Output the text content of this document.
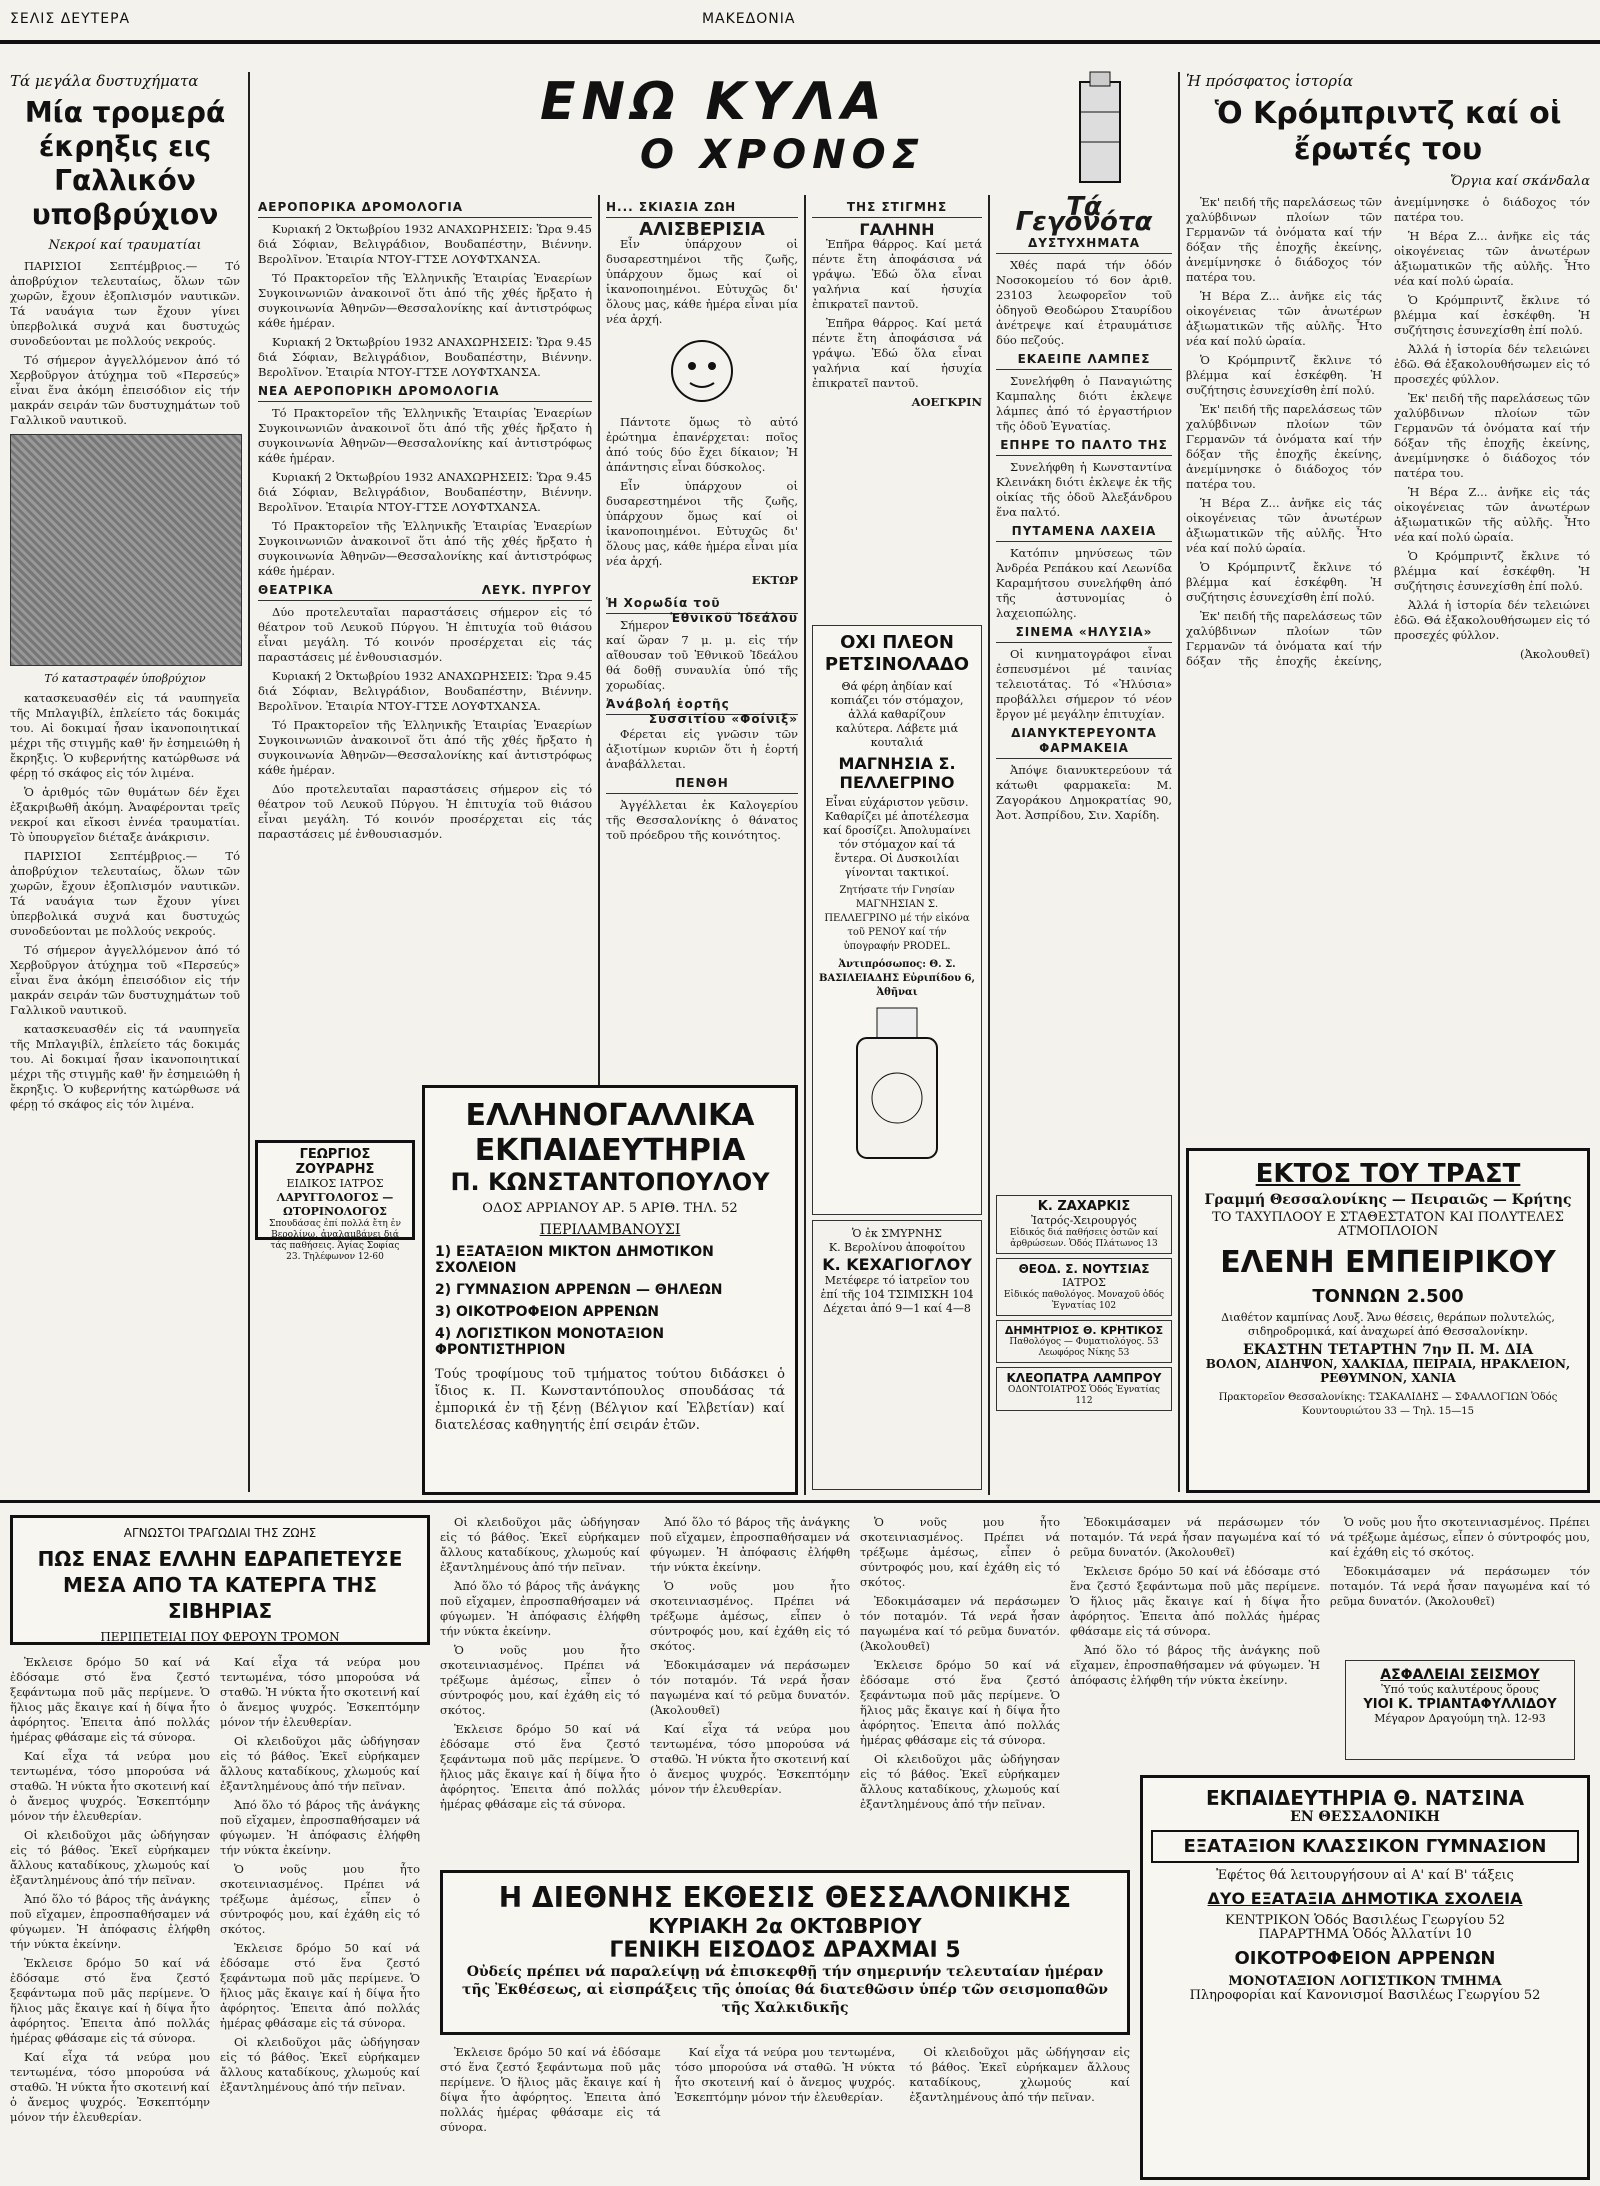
ΣΕΛΙΣ ΔΕΥΤΕΡΑ	ΜΑΚΕΔΟΝΙΑ
Τά μεγάλα δυστυχήματα
Μία τρομερά έκρηξις εις Γαλλικόν υποβρύχιον
Νεκροί καί τραυματίαι

ΠΑΡΙΣΙΟΙ Σεπτέμβριος.— Τό ἀποβρύχιον τελευταίως, ὅλων τῶν χωρῶν, ἔχουν ἐξοπλισμόν ναυτικῶν. Τά ναυάγια των ἔχουν γίνει ὑπερβολικά συχνά και δυστυχώς συνοδεύονται με πολλούς νεκρούς.

Τό σήμερον ἀγγελλόμενον ἀπό τό Χερβοῦργον ἀτύχημα τοῦ «Περσεύς» εἶναι ἕνα ἀκόμη ἐπεισόδιον εἰς τήν μακράν σειράν τῶν δυστυχημάτων τοῦ Γαλλικοῦ ναυτικοῦ.

Τό καταστραφέν ὑποβρύχιον

κατασκευασθέν εἰς τά ναυπηγεῖα τῆς Μπλαγιβίλ, ἐπλείετο τάς δοκιμάς του. Αἱ δοκιμαί ἦσαν ἱκανοποιητικαί μέχρι τῆς στιγμῆς καθ' ἥν ἐσημειώθη ἡ ἔκρηξις. Ὁ κυβερνήτης κατώρθωσε νά φέρῃ τό σκάφος εἰς τόν λιμένα.

Ὁ ἀριθμός τῶν θυμάτων δέν ἔχει ἐξακριβωθῆ ἀκόμη. Ἀναφέρονται τρεῖς νεκροί και εἴκοσι ἐννέα τραυματίαι. Τὸ ὑπουργεῖον διέταξε ἀνάκρισιν.

ΠΑΡΙΣΙΟΙ Σεπτέμβριος.— Τό ἀποβρύχιον τελευταίως, ὅλων τῶν χωρῶν, ἔχουν ἐξοπλισμόν ναυτικῶν. Τά ναυάγια των ἔχουν γίνει ὑπερβολικά συχνά και δυστυχώς συνοδεύονται με πολλούς νεκρούς.

Τό σήμερον ἀγγελλόμενον ἀπό τό Χερβοῦργον ἀτύχημα τοῦ «Περσεύς» εἶναι ἕνα ἀκόμη ἐπεισόδιον εἰς τήν μακράν σειράν τῶν δυστυχημάτων τοῦ Γαλλικοῦ ναυτικοῦ.

κατασκευασθέν εἰς τά ναυπηγεῖα τῆς Μπλαγιβίλ, ἐπλείετο τάς δοκιμάς του. Αἱ δοκιμαί ἦσαν ἱκανοποιητικαί μέχρι τῆς στιγμῆς καθ' ἥν ἐσημειώθη ἡ ἔκρηξις. Ὁ κυβερνήτης κατώρθωσε νά φέρῃ τό σκάφος εἰς τόν λιμένα.

ΓΕΩΡΓΙΟΣ ΖΟΥΡΑΡΗΣ
ΕΙΔΙΚΟΣ ΙΑΤΡΟΣ
ΛΑΡΥΓΓΟΛΟΓΟΣ — ΩΤΟΡΙΝΟΛΟΓΟΣ
Σπουδάσας ἐπί πολλά ἔτη ἐν Βερολίνω, ἀναλαμβάνει διά τάς παθήσεις. Ἁγίας Σοφίας 23. Τηλέφωνον 12-60
ΕΝΩ ΚΥΛΑ
Ο ΧΡΟΝΟΣ
ΑΕΡΟΠΟΡΙΚΑ ΔΡΟΜΟΛΟΓΙΑ

Κυριακή 2 Ὀκτωβρίου 1932 ΑΝΑΧΩΡΗΣΕΙΣ: Ὥρα 9.45 διά Σόφιαν, Βελιγράδιον, Βουδαπέστην, Βιέννην. Βερολῖνον. Ἐταιρία ΝΤΟΥ-ΓΤΣΕ ΛΟΥΦΤΧΑΝΣΑ.

Τό Πρακτορεῖον τῆς Ἑλληνικῆς Ἑταιρίας Ἐναερίων Συγκοινωνιῶν ἀνακοινοῖ ὅτι ἀπό τῆς χθές ἤρξατο ἡ συγκοινωνία Ἀθηνῶν—Θεσσαλονίκης καί ἀντιστρόφως κάθε ἡμέραν.

Κυριακή 2 Ὀκτωβρίου 1932 ΑΝΑΧΩΡΗΣΕΙΣ: Ὥρα 9.45 διά Σόφιαν, Βελιγράδιον, Βουδαπέστην, Βιέννην. Βερολῖνον. Ἐταιρία ΝΤΟΥ-ΓΤΣΕ ΛΟΥΦΤΧΑΝΣΑ.

ΝΕΑ ΑΕΡΟΠΟΡΙΚΗ ΔΡΟΜΟΛΟΓΙΑ

Τό Πρακτορεῖον τῆς Ἑλληνικῆς Ἑταιρίας Ἐναερίων Συγκοινωνιῶν ἀνακοινοῖ ὅτι ἀπό τῆς χθές ἤρξατο ἡ συγκοινωνία Ἀθηνῶν—Θεσσαλονίκης καί ἀντιστρόφως κάθε ἡμέραν.

Κυριακή 2 Ὀκτωβρίου 1932 ΑΝΑΧΩΡΗΣΕΙΣ: Ὥρα 9.45 διά Σόφιαν, Βελιγράδιον, Βουδαπέστην, Βιέννην. Βερολῖνον. Ἐταιρία ΝΤΟΥ-ΓΤΣΕ ΛΟΥΦΤΧΑΝΣΑ.

Τό Πρακτορεῖον τῆς Ἑλληνικῆς Ἑταιρίας Ἐναερίων Συγκοινωνιῶν ἀνακοινοῖ ὅτι ἀπό τῆς χθές ἤρξατο ἡ συγκοινωνία Ἀθηνῶν—Θεσσαλονίκης καί ἀντιστρόφως κάθε ἡμέραν.

ΘΕΑΤΡΙΚΑ	ΛΕΥΚ. ΠΥΡΓΟΥ

Δύο προτελευταῖαι παραστάσεις σήμερον εἰς τό θέατρον τοῦ Λευκοῦ Πύργου. Ἡ ἐπιτυχία τοῦ θιάσου εἶναι μεγάλη. Τό κοινόν προσέρχεται εἰς τάς παραστάσεις μέ ἐνθουσιασμόν.

Κυριακή 2 Ὀκτωβρίου 1932 ΑΝΑΧΩΡΗΣΕΙΣ: Ὥρα 9.45 διά Σόφιαν, Βελιγράδιον, Βουδαπέστην, Βιέννην. Βερολῖνον. Ἐταιρία ΝΤΟΥ-ΓΤΣΕ ΛΟΥΦΤΧΑΝΣΑ.

Τό Πρακτορεῖον τῆς Ἑλληνικῆς Ἑταιρίας Ἐναερίων Συγκοινωνιῶν ἀνακοινοῖ ὅτι ἀπό τῆς χθές ἤρξατο ἡ συγκοινωνία Ἀθηνῶν—Θεσσαλονίκης καί ἀντιστρόφως κάθε ἡμέραν.

Δύο προτελευταῖαι παραστάσεις σήμερον εἰς τό θέατρον τοῦ Λευκοῦ Πύργου. Ἡ ἐπιτυχία τοῦ θιάσου εἶναι μεγάλη. Τό κοινόν προσέρχεται εἰς τάς παραστάσεις μέ ἐνθουσιασμόν.

Η... ΣΚΙΑΣΙΑ ΖΩΗ
ΑΛΙΣΒΕΡΙΣΙΑ

Εἶν ὑπάρχουν οἱ δυσαρεστημένοι τῆς ζωῆς, ὑπάρχουν ὅμως καί οἱ ἱκανοποιημένοι. Εὐτυχῶς δι' ὅλους μας, κάθε ἡμέρα εἶναι μία νέα ἀρχή.

Πάντοτε ὅμως τὸ αὐτό ἐρώτημα ἐπανέρχεται: ποῖος ἀπό τούς δύο ἔχει δίκαιον; Ἡ ἀπάντησις εἶναι δύσκολος.

Εἶν ὑπάρχουν οἱ δυσαρεστημένοι τῆς ζωῆς, ὑπάρχουν ὅμως καί οἱ ἱκανοποιημένοι. Εὐτυχῶς δι' ὅλους μας, κάθε ἡμέρα εἶναι μία νέα ἀρχή.

ΕΚΤΩΡ
Ἡ Χορωδία τοῦ
Ἐθνικοῦ Ἰδεάλου

Σήμερον καί ὥραν 7 μ. μ. εἰς τήν αἴθουσαν τοῦ Ἐθνικοῦ Ἰδεάλου θά δοθῇ συναυλία ὑπό τῆς χορωδίας.

Ἀνάβολή ἑορτῆς
Συσσιτίου «Φοίνιξ»

Φέρεται εἰς γνῶσιν τῶν ἀξιοτίμων κυριῶν ὅτι ἡ ἑορτή ἀναβάλλεται.

ΠΕΝΘΗ

Ἀγγέλλεται ἐκ Καλογερίου τῆς Θεσσαλονίκης ὁ θάνατος τοῦ πρόεδρου τῆς κοινότητος.

ΕΛΛΗΝΟΓΑΛΛΙΚΑ
ΕΚΠΑΙΔΕΥΤΗΡΙΑ
Π. ΚΩΝΣΤΑΝΤΟΠΟΥΛΟΥ
ΟΔΟΣ ΑΡΡΙΑΝΟΥ ΑΡ. 5 ΑΡΙΘ. ΤΗΛ. 52
ΠΕΡΙΛΑΜΒΑΝΟΥΣΙ
1) ΕΞΑΤΑΞΙΟΝ ΜΙΚΤΟΝ ΔΗΜΟΤΙΚΟΝ ΣΧΟΛΕΙΟΝ
2) ΓΥΜΝΑΣΙΟΝ ΑΡΡΕΝΩΝ — ΘΗΛΕΩΝ
3) ΟΙΚΟΤΡΟΦΕΙΟΝ ΑΡΡΕΝΩΝ
4) ΛΟΓΙΣΤΙΚΟΝ ΜΟΝΟΤΑΞΙΟΝ ΦΡΟΝΤΙΣΤΗΡΙΟΝ
Τούς τροφίμους τοῦ τμήματος τούτου διδάσκει ὁ ἴδιος κ. Π. Κωνσταντόπουλος σπουδάσας τά ἐμπορικά ἐν τῇ ξένῃ (Βέλγιον καί Ἐλβετίαν) καί διατελέσας καθηγητής ἐπί σειράν ἐτῶν.
ΤΗΣ ΣΤΙΓΜΗΣ
ΓΑΛΗΝΗ

Ἐπῆρα θάρρος. Καί μετά πέντε ἔτη ἀποφάσισα νά γράψω. Ἐδώ ὅλα εἶναι γαλήνια καί ἡσυχία ἐπικρατεῖ παντοῦ.

Ἐπῆρα θάρρος. Καί μετά πέντε ἔτη ἀποφάσισα νά γράψω. Ἐδώ ὅλα εἶναι γαλήνια καί ἡσυχία ἐπικρατεῖ παντοῦ.

ΑΟΕΓΚΡΙΝ
ΟΧΙ ΠΛΕΟΝ ΡΕΤΣΙΝΟΛΑΔΟ
Θά φέρη ἀηδίαν καί κοπιάζει τόν στόμαχον, ἀλλά καθαρίζουν καλύτερα. Λάβετε μιά κουταλιά
ΜΑΓΝΗΣΙΑ Σ. ΠΕΛΛΕΓΡΙΝΟ
Εἶναι εὐχάριστον γεῦσιν. Καθαρίζει μέ ἀποτέλεσμα καί δροσίζει. Ἀπολυμαίνει τόν στόμαχον καί τά ἔντερα. Οἱ Δυσκοιλίαι γίνονται τακτικοί.
Ζητήσατε τήν Γνησίαν ΜΑΓΝΗΣΙΑΝ Σ. ΠΕΛΛΕΓΡΙΝΟ μέ τήν εἰκόνα τοῦ ΡΕΝΟΥ καί τήν ὑπογραφήν PRODEL.
Ἀντιπρόσωπος: Θ. Σ. ΒΑΣΙΛΕΙΑΔΗΣ Εὐριπίδου 6, Ἀθῆναι
Ὁ ἐκ ΣΜΥΡΝΗΣ
Κ. Βερολίνου ἀποφοίτου
Κ. ΚΕΧΑΓΙΟΓΛΟΥ
Μετέφερε τό ἰατρεῖον του ἐπί τῆς 104 ΤΣΙΜΙΣΚΗ 104
Δέχεται ἀπό 9—1 καί 4—8
Τά Γεγονότα
ΔΥΣΤΥΧΗΜΑΤΑ

Χθές παρά τήν ὁδόν Νοσοκομείου τό 6ον ἀριθ. 23103 λεωφορεῖον τοῦ ὁδηγοῦ Θεοδώρου Σταυρίδου ἀνέτρεψε καί ἐτραυμάτισε δύο πεζούς.

ΕΚΑΕΙΠΕ ΛΑΜΠΕΣ

Συνελήφθη ὁ Παναγιώτης Καμπαλης διότι ἐκλεψε λάμπες ἀπό τό ἐργαστήριον τῆς ὁδοῦ Ἐγνατίας.

ΕΠΗΡΕ ΤΟ ΠΑΛΤΟ ΤΗΣ

Συνελήφθη ἡ Κωνσταντίνα Κλεινάκη διότι ἐκλεψε ἐκ τῆς οἰκίας τῆς ὁδοῦ Ἀλεξάνδρου ἕνα παλτό.

ΠΥΤΑΜΕΝΑ ΛΑΧΕΙΑ

Κατόπιν μηνύσεως τῶν Ἀνδρέα Ρεπάκου καί Λεωνίδα Καραμήτσου συνελήφθη ἀπό τῆς ἀστυνομίας ὁ λαχειοπώλης.

ΣΙΝΕΜΑ «ΗΛΥΣΙΑ»

Οἱ κινηματογράφοι εἶναι ἐσπευσμένοι μέ ταινίας τελειοτάτας. Τό «Ἠλύσια» προβάλλει σήμερον τό νέον ἔργον μέ μεγάλην ἐπιτυχίαν.

ΔΙΑΝΥΚΤΕΡΕΥΟΝΤΑ ΦΑΡΜΑΚΕΙΑ

Ἀπόψε διανυκτερεύουν τά κάτωθι φαρμακεῖα: Μ. Ζαγοράκου Δημοκρατίας 90, Ἀοτ. Ἀσπρίδου, Σιν. Χαρίδη.

Κ. ΖΑΧΑΡΚΙΣ
Ἰατρός-Χειρουργός
Εἰδικός διά παθήσεις ὀστῶν καί ἀρθρώσεων. Ὁδός Πλάτωνος 13
ΘΕΟΔ. Σ. ΝΟΥΤΣΙΑΣ
ΙΑΤΡΟΣ
Εἰδικός παθολόγος. Μοναχοῦ ὁδός Ἐγνατίας 102
ΔΗΜΗΤΡΙΟΣ Θ. ΚΡΗΤΙΚΟΣ
Παθολόγος — Φυματιολόγος. 53 Λεωφόρος Νίκης 53
ΚΛΕΟΠΑΤΡΑ ΛΑΜΠΡΟΥ
ΟΔΟΝΤΟΙΑΤΡΟΣ Ὁδός Ἐγνατίας 112
Ἡ πρόσφατος ἱστορία
Ὁ Κρόμπριντζ καί οἱ ἔρωτές του
Ὄργια καί σκάνδαλα

Ἐκ' πειδή τῆς παρελάσεως τῶν χαλύβδινων πλοίων τῶν Γερμανῶν τά ὀνόματα καί τήν δόξαν τῆς ἐποχῆς ἐκείνης, ἀνεμίμνησκε ὁ διάδοχος τόν πατέρα του.

Ἡ Βέρα Ζ... ἀνῆκε εἰς τάς οἰκογένειας τῶν ἀνωτέρων ἀξιωματικῶν τῆς αὐλῆς. Ἦτο νέα καί πολύ ὡραία.

Ὁ Κρόμπριντζ ἔκλινε τό βλέμμα καί ἐσκέφθη. Ἡ συζήτησις ἐσυνεχίσθη ἐπί πολύ.

Ἐκ' πειδή τῆς παρελάσεως τῶν χαλύβδινων πλοίων τῶν Γερμανῶν τά ὀνόματα καί τήν δόξαν τῆς ἐποχῆς ἐκείνης, ἀνεμίμνησκε ὁ διάδοχος τόν πατέρα του.

Ἡ Βέρα Ζ... ἀνῆκε εἰς τάς οἰκογένειας τῶν ἀνωτέρων ἀξιωματικῶν τῆς αὐλῆς. Ἦτο νέα καί πολύ ὡραία.

Ὁ Κρόμπριντζ ἔκλινε τό βλέμμα καί ἐσκέφθη. Ἡ συζήτησις ἐσυνεχίσθη ἐπί πολύ.

Ἐκ' πειδή τῆς παρελάσεως τῶν χαλύβδινων πλοίων τῶν Γερμανῶν τά ὀνόματα καί τήν δόξαν τῆς ἐποχῆς ἐκείνης, ἀνεμίμνησκε ὁ διάδοχος τόν πατέρα του.

Ἡ Βέρα Ζ... ἀνῆκε εἰς τάς οἰκογένειας τῶν ἀνωτέρων ἀξιωματικῶν τῆς αὐλῆς. Ἦτο νέα καί πολύ ὡραία.

Ὁ Κρόμπριντζ ἔκλινε τό βλέμμα καί ἐσκέφθη. Ἡ συζήτησις ἐσυνεχίσθη ἐπί πολύ.

Ἀλλά ἡ ἱστορία δέν τελειώνει ἐδῶ. Θά ἐξακολουθήσωμεν εἰς τό προσεχές φύλλον.

Ἐκ' πειδή τῆς παρελάσεως τῶν χαλύβδινων πλοίων τῶν Γερμανῶν τά ὀνόματα καί τήν δόξαν τῆς ἐποχῆς ἐκείνης, ἀνεμίμνησκε ὁ διάδοχος τόν πατέρα του.

Ἡ Βέρα Ζ... ἀνῆκε εἰς τάς οἰκογένειας τῶν ἀνωτέρων ἀξιωματικῶν τῆς αὐλῆς. Ἦτο νέα καί πολύ ὡραία.

Ὁ Κρόμπριντζ ἔκλινε τό βλέμμα καί ἐσκέφθη. Ἡ συζήτησις ἐσυνεχίσθη ἐπί πολύ.

Ἀλλά ἡ ἱστορία δέν τελειώνει ἐδῶ. Θά ἐξακολουθήσωμεν εἰς τό προσεχές φύλλον.

(Ἀκολουθεῖ)
ΕΚΤΟΣ ΤΟΥ ΤΡΑΣΤ
Γραμμή Θεσσαλονίκης — Πειραιῶς — Κρήτης
ΤΟ ΤΑΧΥΠΛΟΟΥ Ε ΣΤΑΘΕΣΤΑΤΟΝ ΚΑΙ ΠΟΛΥΤΕΛΕΣ ΑΤΜΟΠΛΟΙΟΝ
ΕΛΕΝΗ ΕΜΠΕΙΡΙΚΟΥ
ΤΟΝΝΩΝ 2.500
Διαθέτον καμπίνας Λουξ. Ἄνω θέσεις, θεράπων πολυτελώς, σιδηροδρομικά, καί ἀναχωρεί ἀπό Θεσσαλονίκην.
ΕΚΑΣΤΗΝ ΤΕΤΑΡΤΗΝ 7ην Π. Μ. ΔΙΑ
ΒΟΛΟΝ, ΑΙΔΗΨΟΝ, ΧΑΛΚΙΔΑ, ΠΕΙΡΑΙΑ, ΗΡΑΚΛΕΙΟΝ, ΡΕΘΥΜΝΟΝ, ΧΑΝΙΑ
Πρακτορεῖον Θεσσαλονίκης: ΤΣΑΚΑΛΙΔΗΣ — ΣΦΑΛΛΟΓΙΩΝ Ὁδός Κουντουριώτου 33 — Τηλ. 15—15
ΑΓΝΩΣΤΟΙ ΤΡΑΓΩΔΙΑΙ ΤΗΣ ΖΩΗΣ
ΠΩΣ ΕΝΑΣ ΕΛΛΗΝ ΕΔΡΑΠΕΤΕΥΣΕ ΜΕΣΑ ΑΠΟ ΤΑ ΚΑΤΕΡΓΑ ΤΗΣ ΣΙΒΗΡΙΑΣ
ΠΕΡΙΠΕΤΕΙΑΙ ΠΟΥ ΦΕΡΟΥΝ ΤΡΟΜΟΝ

Ἐκλεισε δρόμο 50 καί νά ἐδόσαμε στό ἕνα ζεστό ξεφάντωμα ποῦ μᾶς περίμενε. Ὁ ἥλιος μᾶς ἔκαιγε καί ἡ δίψα ἦτο ἀφόρητος. Ἐπειτα ἀπό πολλάς ἡμέρας φθάσαμε εἰς τά σύνορα.

Καί εἶχα τά νεύρα μου τεντωμένα, τόσο μπορούσα νά σταθῶ. Ἡ νύκτα ἦτο σκοτεινή καί ὁ ἄνεμος ψυχρός. Ἐσκεπτόμην μόνον τήν ἐλευθερίαν.

Οἱ κλειδοῦχοι μᾶς ὡδήγησαν εἰς τό βάθος. Ἐκεῖ εὐρήκαμεν ἄλλους καταδίκους, χλωμούς καί ἐξαντλημένους ἀπό τήν πεῖναν.

Ἀπό ὅλο τό βάρος τῆς ἀνάγκης ποῦ εἴχαμεν, ἐπροσπαθήσαμεν νά φύγωμεν. Ἡ ἀπόφασις ἐλήφθη τήν νύκτα ἐκείνην.

Ἐκλεισε δρόμο 50 καί νά ἐδόσαμε στό ἕνα ζεστό ξεφάντωμα ποῦ μᾶς περίμενε. Ὁ ἥλιος μᾶς ἔκαιγε καί ἡ δίψα ἦτο ἀφόρητος. Ἐπειτα ἀπό πολλάς ἡμέρας φθάσαμε εἰς τά σύνορα.

Καί εἶχα τά νεύρα μου τεντωμένα, τόσο μπορούσα νά σταθῶ. Ἡ νύκτα ἦτο σκοτεινή καί ὁ ἄνεμος ψυχρός. Ἐσκεπτόμην μόνον τήν ἐλευθερίαν.

Καί εἶχα τά νεύρα μου τεντωμένα, τόσο μπορούσα νά σταθῶ. Ἡ νύκτα ἦτο σκοτεινή καί ὁ ἄνεμος ψυχρός. Ἐσκεπτόμην μόνον τήν ἐλευθερίαν.

Οἱ κλειδοῦχοι μᾶς ὡδήγησαν εἰς τό βάθος. Ἐκεῖ εὐρήκαμεν ἄλλους καταδίκους, χλωμούς καί ἐξαντλημένους ἀπό τήν πεῖναν.

Ἀπό ὅλο τό βάρος τῆς ἀνάγκης ποῦ εἴχαμεν, ἐπροσπαθήσαμεν νά φύγωμεν. Ἡ ἀπόφασις ἐλήφθη τήν νύκτα ἐκείνην.

Ὁ νοῦς μου ἦτο σκοτεινιασμένος. Πρέπει νά τρέξωμε ἀμέσως, εἶπεν ὁ σύντροφός μου, καί ἐχάθη εἰς τό σκότος.

Ἐκλεισε δρόμο 50 καί νά ἐδόσαμε στό ἕνα ζεστό ξεφάντωμα ποῦ μᾶς περίμενε. Ὁ ἥλιος μᾶς ἔκαιγε καί ἡ δίψα ἦτο ἀφόρητος. Ἐπειτα ἀπό πολλάς ἡμέρας φθάσαμε εἰς τά σύνορα.

Οἱ κλειδοῦχοι μᾶς ὡδήγησαν εἰς τό βάθος. Ἐκεῖ εὐρήκαμεν ἄλλους καταδίκους, χλωμούς καί ἐξαντλημένους ἀπό τήν πεῖναν.

Οἱ κλειδοῦχοι μᾶς ὡδήγησαν εἰς τό βάθος. Ἐκεῖ εὐρήκαμεν ἄλλους καταδίκους, χλωμούς καί ἐξαντλημένους ἀπό τήν πεῖναν.

Ἀπό ὅλο τό βάρος τῆς ἀνάγκης ποῦ εἴχαμεν, ἐπροσπαθήσαμεν νά φύγωμεν. Ἡ ἀπόφασις ἐλήφθη τήν νύκτα ἐκείνην.

Ὁ νοῦς μου ἦτο σκοτεινιασμένος. Πρέπει νά τρέξωμε ἀμέσως, εἶπεν ὁ σύντροφός μου, καί ἐχάθη εἰς τό σκότος.

Ἐκλεισε δρόμο 50 καί νά ἐδόσαμε στό ἕνα ζεστό ξεφάντωμα ποῦ μᾶς περίμενε. Ὁ ἥλιος μᾶς ἔκαιγε καί ἡ δίψα ἦτο ἀφόρητος. Ἐπειτα ἀπό πολλάς ἡμέρας φθάσαμε εἰς τά σύνορα.

Ἀπό ὅλο τό βάρος τῆς ἀνάγκης ποῦ εἴχαμεν, ἐπροσπαθήσαμεν νά φύγωμεν. Ἡ ἀπόφασις ἐλήφθη τήν νύκτα ἐκείνην.

Ὁ νοῦς μου ἦτο σκοτεινιασμένος. Πρέπει νά τρέξωμε ἀμέσως, εἶπεν ὁ σύντροφός μου, καί ἐχάθη εἰς τό σκότος.

Ἐδοκιμάσαμεν νά περάσωμεν τόν ποταμόν. Τά νερά ἦσαν παγωμένα καί τό ρεῦμα δυνατόν. (Ἀκολουθεῖ)

Καί εἶχα τά νεύρα μου τεντωμένα, τόσο μπορούσα νά σταθῶ. Ἡ νύκτα ἦτο σκοτεινή καί ὁ ἄνεμος ψυχρός. Ἐσκεπτόμην μόνον τήν ἐλευθερίαν.

Ὁ νοῦς μου ἦτο σκοτεινιασμένος. Πρέπει νά τρέξωμε ἀμέσως, εἶπεν ὁ σύντροφός μου, καί ἐχάθη εἰς τό σκότος.

Ἐδοκιμάσαμεν νά περάσωμεν τόν ποταμόν. Τά νερά ἦσαν παγωμένα καί τό ρεῦμα δυνατόν. (Ἀκολουθεῖ)

Ἐκλεισε δρόμο 50 καί νά ἐδόσαμε στό ἕνα ζεστό ξεφάντωμα ποῦ μᾶς περίμενε. Ὁ ἥλιος μᾶς ἔκαιγε καί ἡ δίψα ἦτο ἀφόρητος. Ἐπειτα ἀπό πολλάς ἡμέρας φθάσαμε εἰς τά σύνορα.

Οἱ κλειδοῦχοι μᾶς ὡδήγησαν εἰς τό βάθος. Ἐκεῖ εὐρήκαμεν ἄλλους καταδίκους, χλωμούς καί ἐξαντλημένους ἀπό τήν πεῖναν.

Ἐδοκιμάσαμεν νά περάσωμεν τόν ποταμόν. Τά νερά ἦσαν παγωμένα καί τό ρεῦμα δυνατόν. (Ἀκολουθεῖ)

Ἐκλεισε δρόμο 50 καί νά ἐδόσαμε στό ἕνα ζεστό ξεφάντωμα ποῦ μᾶς περίμενε. Ὁ ἥλιος μᾶς ἔκαιγε καί ἡ δίψα ἦτο ἀφόρητος. Ἐπειτα ἀπό πολλάς ἡμέρας φθάσαμε εἰς τά σύνορα.

Ἀπό ὅλο τό βάρος τῆς ἀνάγκης ποῦ εἴχαμεν, ἐπροσπαθήσαμεν νά φύγωμεν. Ἡ ἀπόφασις ἐλήφθη τήν νύκτα ἐκείνην.

Ὁ νοῦς μου ἦτο σκοτεινιασμένος. Πρέπει νά τρέξωμε ἀμέσως, εἶπεν ὁ σύντροφός μου, καί ἐχάθη εἰς τό σκότος.

Ἐδοκιμάσαμεν νά περάσωμεν τόν ποταμόν. Τά νερά ἦσαν παγωμένα καί τό ρεῦμα δυνατόν. (Ἀκολουθεῖ)

ΑΣΦΑΛΕΙΑΙ ΣΕΙΣΜΟΥ
Ὑπό τούς καλυτέρους ὅρους
ΥΙΟΙ Κ. ΤΡΙΑΝΤΑΦΥΛΛΙΔΟΥ
Μέγαρον Δραγούμη τηλ. 12-93
Η ΔΙΕΘΝΗΣ ΕΚΘΕΣΙΣ ΘΕΣΣΑΛΟΝΙΚΗΣ
ΚΥΡΙΑΚΗ 2α ΟΚΤΩΒΡΙΟΥ
ΓΕΝΙΚΗ ΕΙΣΟΔΟΣ ΔΡΑΧΜΑΙ 5
Οὐδείς πρέπει νά παραλείψῃ νά ἐπισκεφθῇ τήν σημερινήν τελευταίαν ἡμέραν τῆς Ἐκθέσεως, αἱ εἰσπράξεις τῆς ὁποίας θά διατεθῶσιν ὑπέρ τῶν σεισμοπαθῶν τῆς Χαλκιδικῆς

Ἐκλεισε δρόμο 50 καί νά ἐδόσαμε στό ἕνα ζεστό ξεφάντωμα ποῦ μᾶς περίμενε. Ὁ ἥλιος μᾶς ἔκαιγε καί ἡ δίψα ἦτο ἀφόρητος. Ἐπειτα ἀπό πολλάς ἡμέρας φθάσαμε εἰς τά σύνορα.

Καί εἶχα τά νεύρα μου τεντωμένα, τόσο μπορούσα νά σταθῶ. Ἡ νύκτα ἦτο σκοτεινή καί ὁ ἄνεμος ψυχρός. Ἐσκεπτόμην μόνον τήν ἐλευθερίαν.

Οἱ κλειδοῦχοι μᾶς ὡδήγησαν εἰς τό βάθος. Ἐκεῖ εὐρήκαμεν ἄλλους καταδίκους, χλωμούς καί ἐξαντλημένους ἀπό τήν πεῖναν.

ΕΚΠΑΙΔΕΥΤΗΡΙΑ Θ. ΝΑΤΣΙΝΑ
ΕΝ ΘΕΣΣΑΛΟΝΙΚΗ
ΕΞΑΤΑΞΙΟΝ ΚΛΑΣΣΙΚΟΝ ΓΥΜΝΑΣΙΟΝ
Ἐφέτος θά λειτουργήσουν αἱ Α' καί Β' τάξεις
ΔΥΟ ΕΞΑΤΑΞΙΑ ΔΗΜΟΤΙΚΑ ΣΧΟΛΕΙΑ
ΚΕΝΤΡΙΚΟΝ Ὁδός Βασιλέως Γεωργίου 52
ΠΑΡΑΡΤΗΜΑ Ὁδός Ἀλλατίνι 10
ΟΙΚΟΤΡΟΦΕΙΟΝ ΑΡΡΕΝΩΝ
ΜΟΝΟΤΑΞΙΟΝ ΛΟΓΙΣΤΙΚΟΝ ΤΜΗΜΑ
Πληροφορίαι καί Κανονισμοί Βασιλέως Γεωργίου 52
